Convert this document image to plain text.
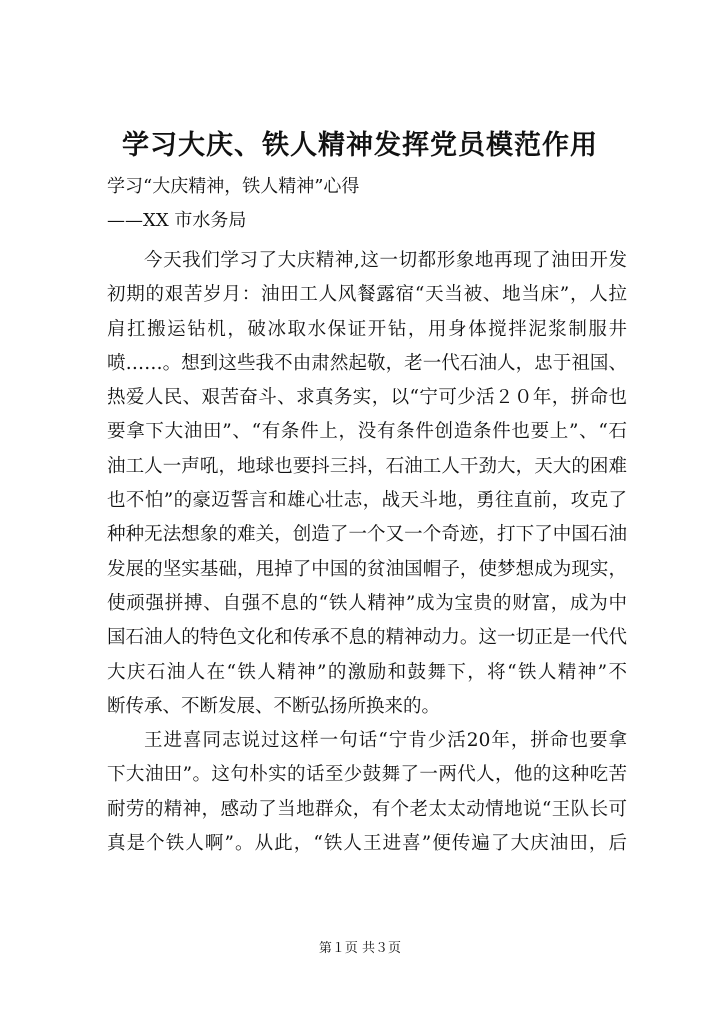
学习大庆、铁人精神发挥党员模范作用
学习“大庆精神，铁人精神”心得
——XX 市水务局
今天我们学习了大庆精神,这一切都形象地再现了油田开发
初期的艰苦岁月：油田工人风餐露宿“天当被、地当床”，人拉
肩扛搬运钻机，破冰取水保证开钻，用身体搅拌泥浆制服井
喷……。想到这些我不由肃然起敬，老一代石油人，忠于祖国、
热爱人民、艰苦奋斗、求真务实，以“宁可少活２０年，拼命也
要拿下大油田”、“有条件上，没有条件创造条件也要上”、“石
油工人一声吼，地球也要抖三抖，石油工人干劲大，天大的困难
也不怕”的豪迈誓言和雄心壮志，战天斗地，勇往直前，攻克了
种种无法想象的难关，创造了一个又一个奇迹，打下了中国石油
发展的坚实基础，甩掉了中国的贫油国帽子，使梦想成为现实，
使顽强拼搏、自强不息的“铁人精神”成为宝贵的财富，成为中
国石油人的特色文化和传承不息的精神动力。这一切正是一代代
大庆石油人在“铁人精神”的激励和鼓舞下，将“铁人精神”不
断传承、不断发展、不断弘扬所换来的。
王进喜同志说过这样一句话“宁肯少活20年，拼命也要拿
下大油田”。这句朴实的话至少鼓舞了一两代人，他的这种吃苦
耐劳的精神，感动了当地群众，有个老太太动情地说“王队长可
真是个铁人啊”。从此，“铁人王进喜”便传遍了大庆油田，后
第１页 共３页
